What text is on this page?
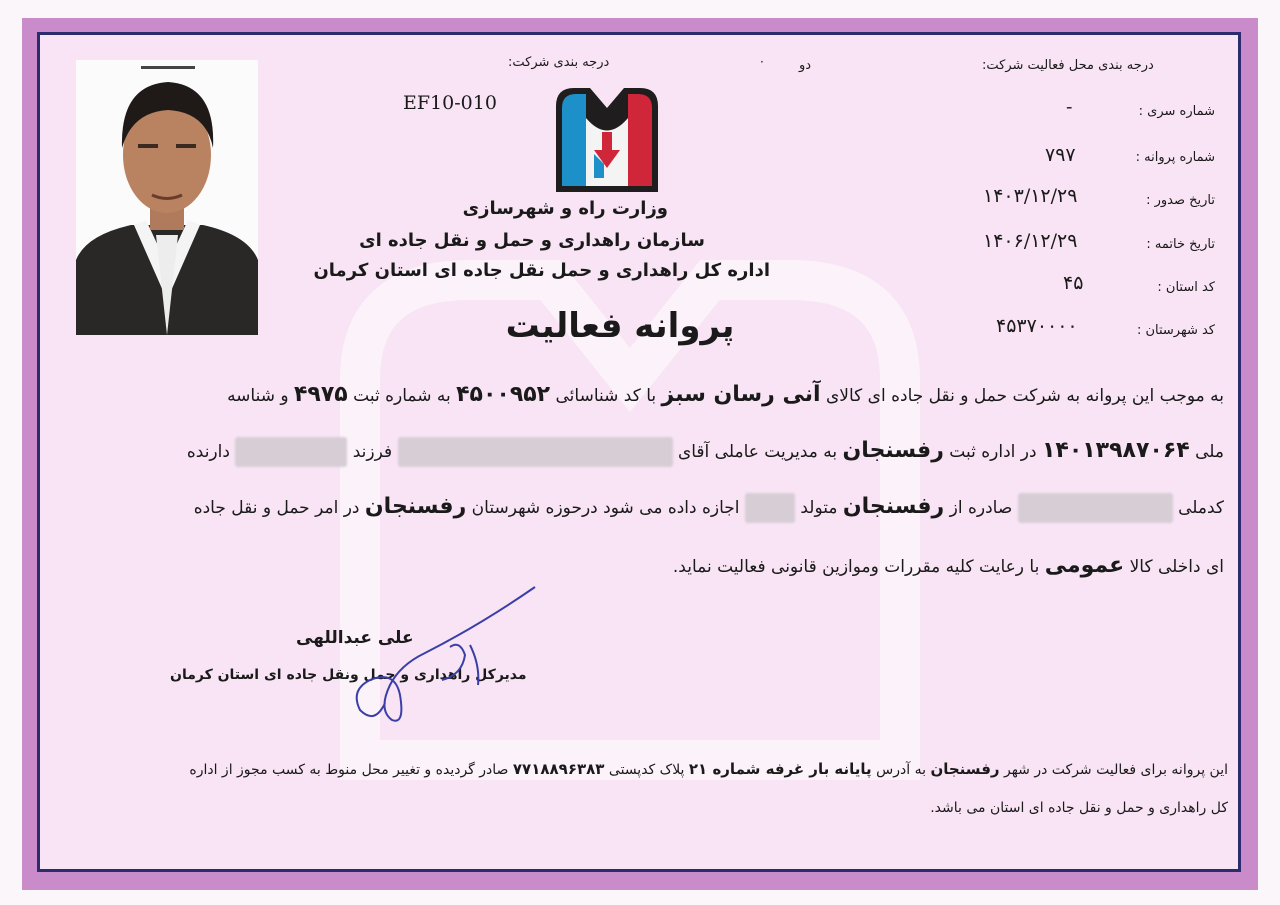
درجه بندی محل فعالیت شرکت:
دو
·
درجه بندی شرکت:
EF10-010
وزارت راه و شهرسازی
سازمان راهداری و حمل و نقل جاده ای
اداره کل راهداری و حمل نقل جاده ای استان کرمان
پروانه فعالیت
شماره سری :
-
شماره پروانه :
۷۹۷
تاریخ صدور :
۱۴۰۳/۱۲/۲۹
تاریخ خاتمه :
۱۴۰۶/۱۲/۲۹
کد استان :
۴۵
کد شهرستان :
۴۵۳۷۰۰۰۰
به موجب این پروانه به شرکت حمل و نقل جاده ای کالای آنی رسان سبز با کد شناسائی ۴۵۰۰۹۵۲ به شماره ثبت ۴۹۷۵ و شناسه
ملی ۱۴۰۱۳۹۸۷۰۶۴ در اداره ثبت رفسنجان به مدیریت عاملی آقای  فرزند  دارنده
کدملی  صادره از رفسنجان متولد  اجازه داده می شود درحوزه شهرستان رفسنجان در امر حمل و نقل جاده
ای داخلی کالا عمومی با رعایت کلیه مقررات وموازین قانونی فعالیت نماید.
علی عبداللهی
مدیرکل راهداری و حمل ونقل جاده ای استان کرمان
این پروانه برای فعالیت شرکت در شهر رفسنجان به آدرس پایانه بار غرفه شماره ۲۱ پلاک کدپستی ۷۷۱۸۸۹۶۳۸۳ صادر گردیده و تغییر محل منوط به کسب مجوز از اداره
کل راهداری و حمل و نقل جاده ای استان می باشد.
